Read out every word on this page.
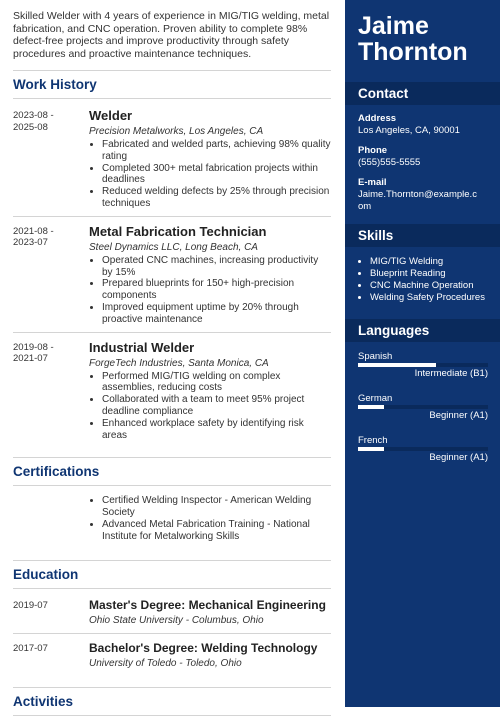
Skilled Welder with 4 years of experience in MIG/TIG welding, metal fabrication, and CNC operation. Proven ability to complete 98% defect-free projects and improve productivity through safety procedures and proactive maintenance techniques.

Work History
2023-08 -
2025-08
Welder
Precision Metalworks, Los Angeles, CA
• Fabricated and welded parts, achieving 98% quality rating
• Completed 300+ metal fabrication projects within deadlines
• Reduced welding defects by 25% through precision techniques
2021-08 -
2023-07
Metal Fabrication Technician
Steel Dynamics LLC, Long Beach, CA
• Operated CNC machines, increasing productivity by 15%
• Prepared blueprints for 150+ high-precision components
• Improved equipment uptime by 20% through proactive maintenance
2019-08 -
2021-07
Industrial Welder
ForgeTech Industries, Santa Monica, CA
• Performed MIG/TIG welding on complex assemblies, reducing costs
• Collaborated with a team to meet 95% project deadline compliance
• Enhanced workplace safety by identifying risk areas
Certifications
• Certified Welding Inspector - American Welding Society
• Advanced Metal Fabrication Training - National Institute for Metalworking Skills
Education
2019-07	Master's Degree: Mechanical Engineering
Ohio State University - Columbus, Ohio
2017-07	Bachelor's Degree: Welding Technology
University of Toledo - Toledo, Ohio
Activities
Jaime
Thornton
Contact
Address
Los Angeles, CA, 90001
Phone
(555)555-5555
E-mail
Jaime.Thornton@example.c
om
Skills
• MIG/TIG Welding
• Blueprint Reading
• CNC Machine Operation
• Welding Safety Procedures
Languages
Spanish
Intermediate (B1)
German
Beginner (A1)
French
Beginner (A1)
